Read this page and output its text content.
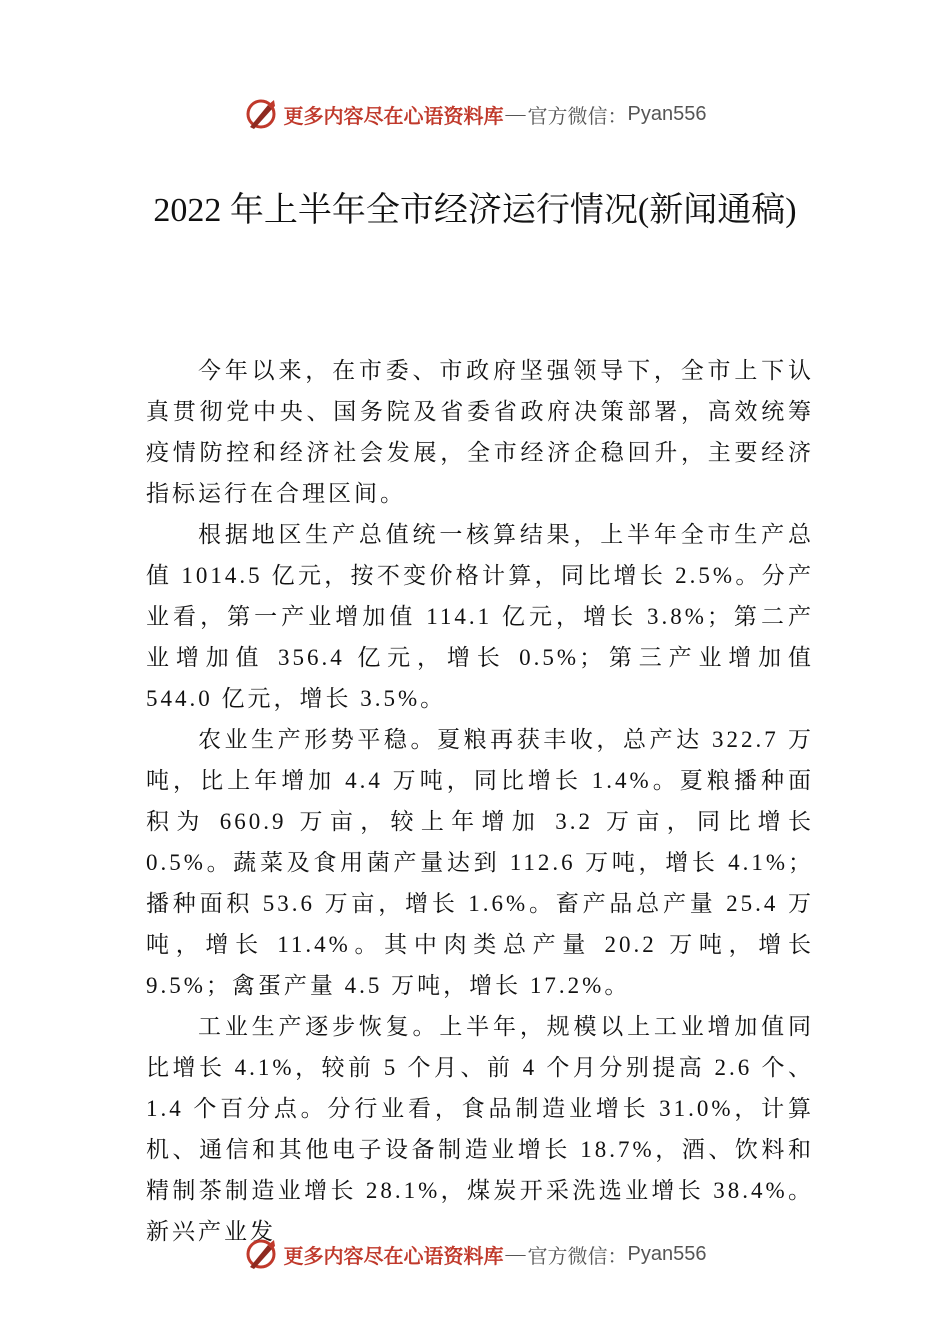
更多内容尽在心语资料库 — 官方微信： Pyan556
2022 年上半年全市经济运行情况(新闻通稿)

今年以来，在市委、市政府坚强领导下，全市上下认真贯彻党中央、国务院及省委省政府决策部署，高效统筹疫情防控和经济社会发展，全市经济企稳回升，主要经济指标运行在合理区间。

根据地区生产总值统一核算结果，上半年全市生产总值 1014.5 亿元，按不变价格计算，同比增长 2.5%。分产业看，第一产业增加值 114.1 亿元，增长 3.8%；第二产业增加值 356.4 亿元，增长 0.5%；第三产业增加值 544.0 亿元，增长 3.5%。

农业生产形势平稳。夏粮再获丰收，总产达 322.7 万吨，比上年增加 4.4 万吨，同比增长 1.4%。夏粮播种面积为 660.9 万亩，较上年增加 3.2 万亩，同比增长 0.5%。蔬菜及食用菌产量达到 112.6 万吨，增长 4.1%；播种面积 53.6 万亩，增长 1.6%。畜产品总产量 25.4 万吨，增长 11.4%。其中肉类总产量 20.2 万吨，增长 9.5%；禽蛋产量 4.5 万吨，增长 17.2%。

工业生产逐步恢复。上半年，规模以上工业增加值同比增长 4.1%，较前 5 个月、前 4 个月分别提高 2.6 个、1.4 个百分点。分行业看，食品制造业增长 31.0%，计算机、通信和其他电子设备制造业增长 18.7%，酒、饮料和精制茶制造业增长 28.1%，煤炭开采洗选业增长 38.4%。新兴产业发

更多内容尽在心语资料库 — 官方微信： Pyan556
